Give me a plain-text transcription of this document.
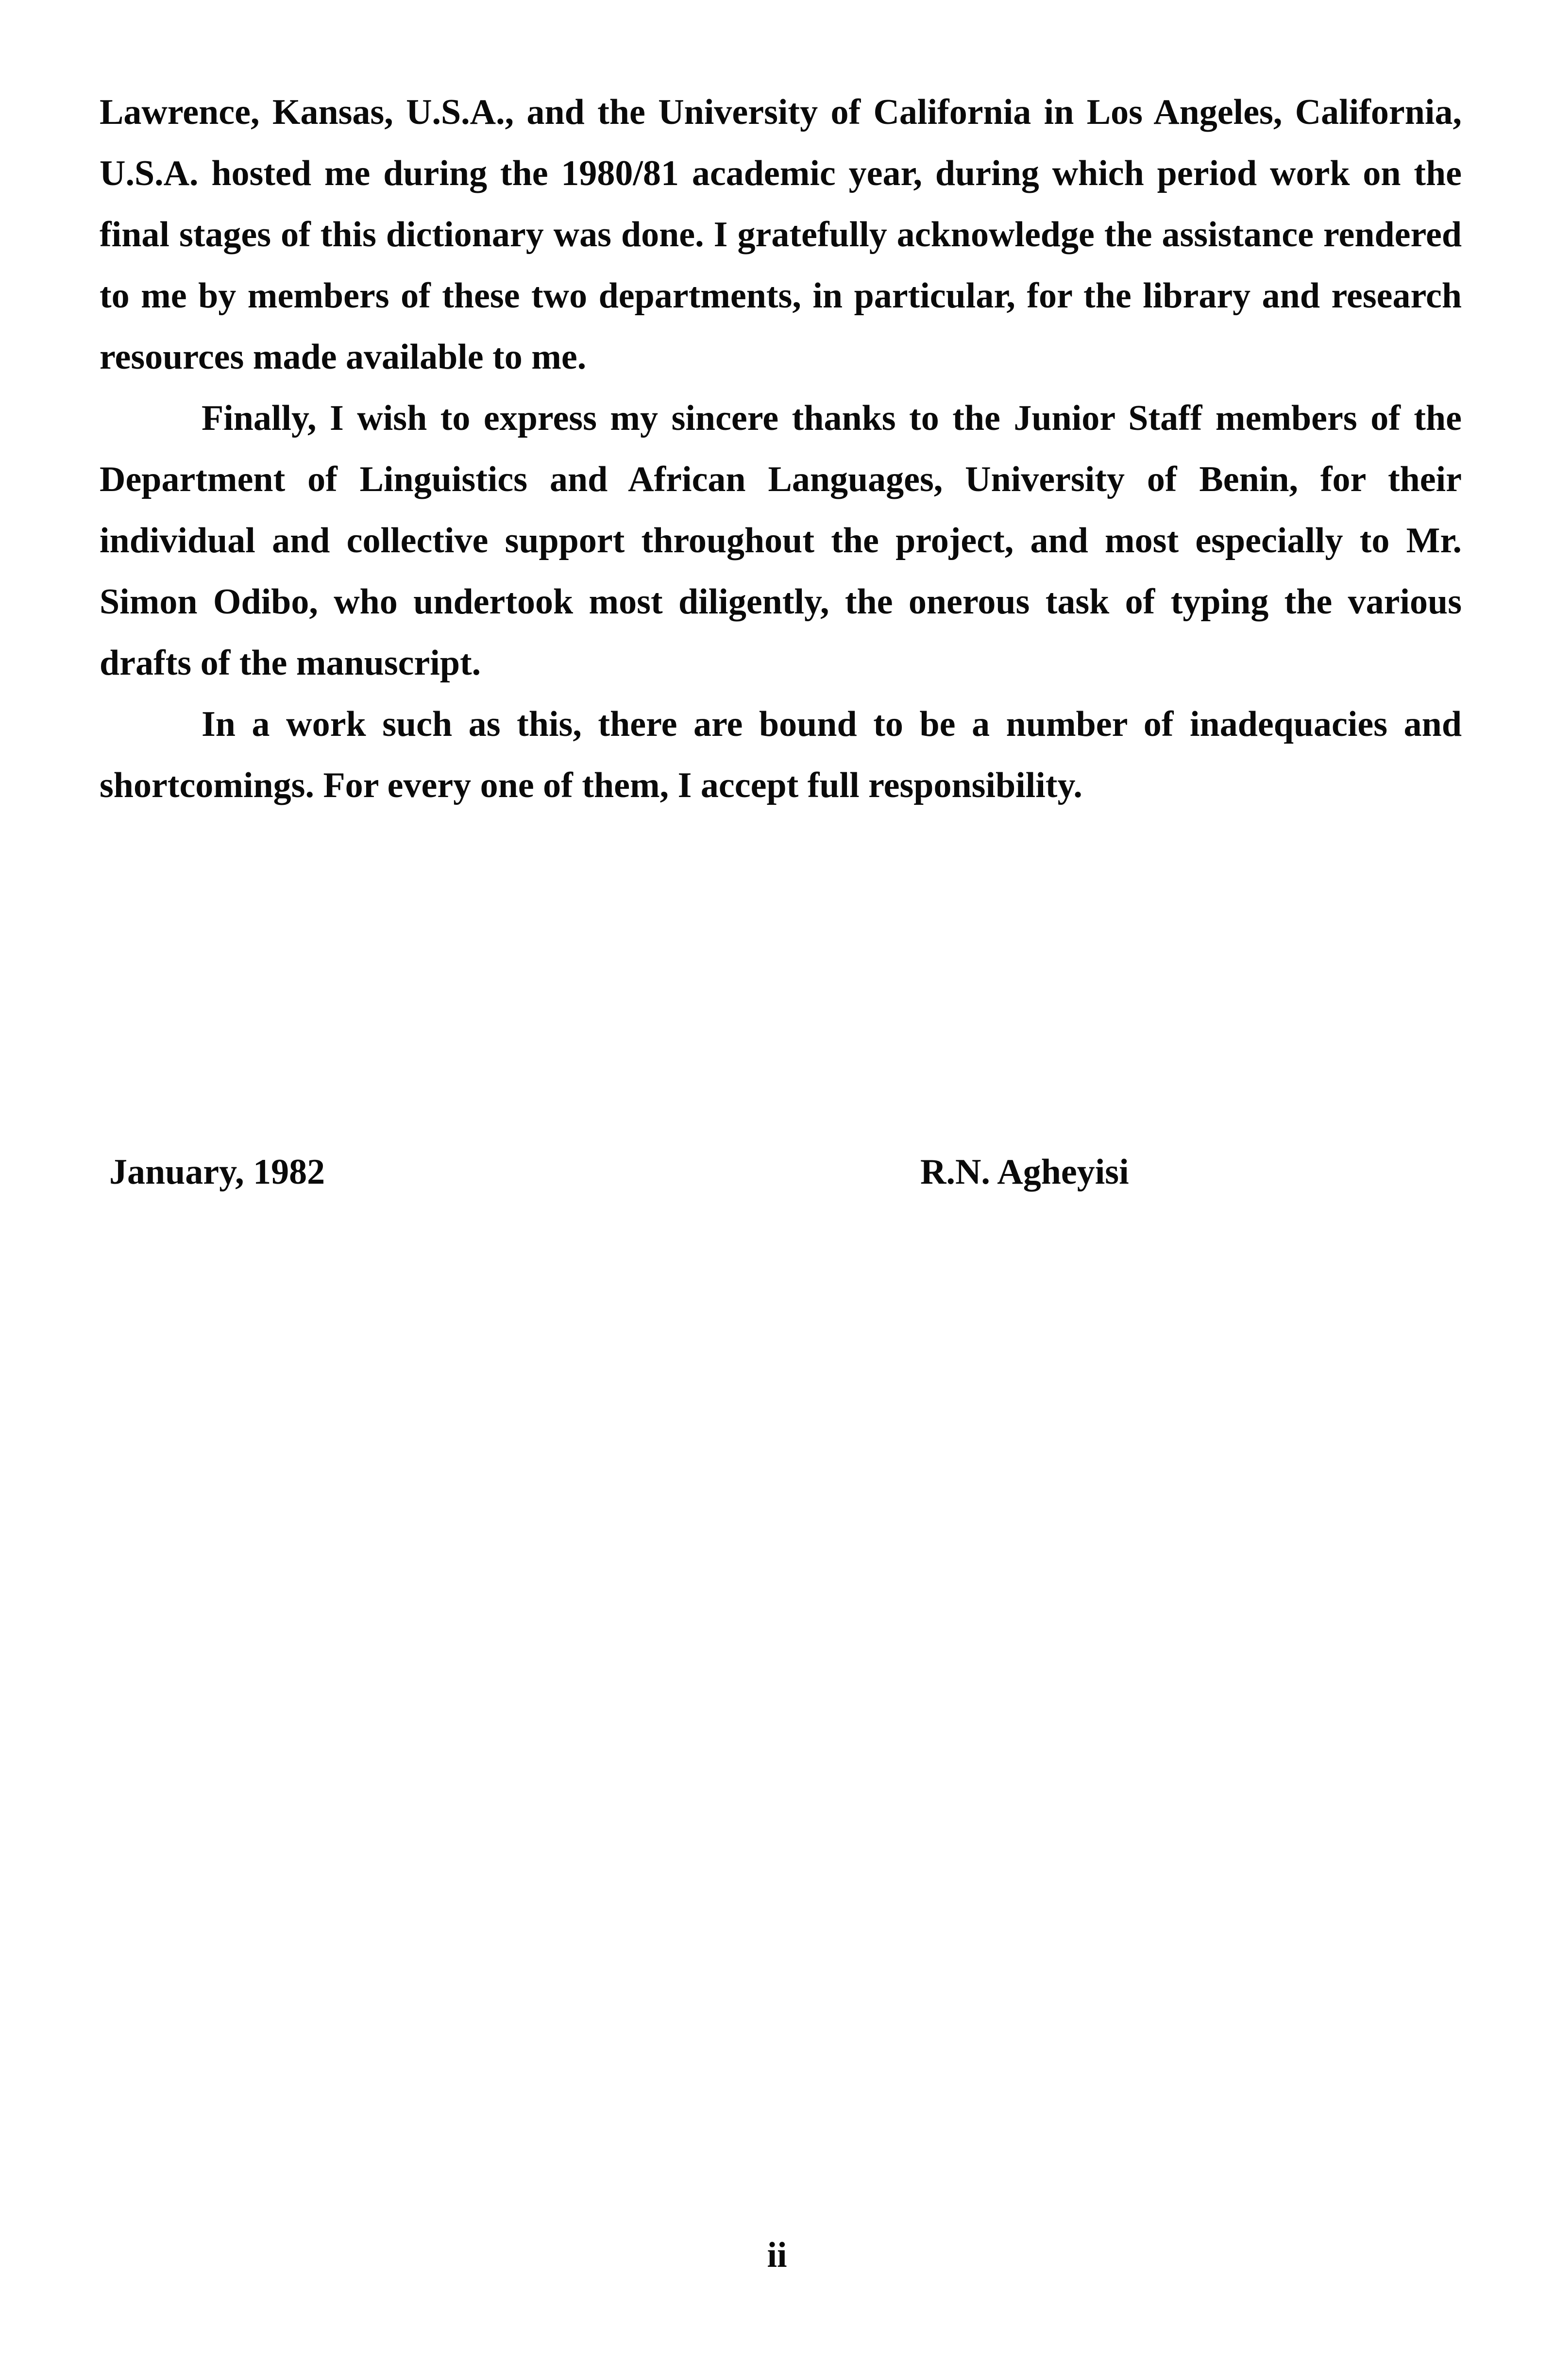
Lawrence, Kansas, U.S.A., and the University of California in Los Angeles, California, U.S.A. hosted me during the 1980/81 academic year, during which period work on the final stages of this dictionary was done. I gratefully acknowledge the assistance rendered to me by members of these two departments, in particular, for the library and research resources made available to me.

Finally, I wish to express my sincere thanks to the Junior Staff members of the Department of Linguistics and African Languages, University of Benin, for their individual and collective support throughout the project, and most especially to Mr. Simon Odibo, who undertook most diligently, the onerous task of typing the various drafts of the manuscript.

In a work such as this, there are bound to be a number of inadequacies and shortcomings. For every one of them, I accept full responsibility.

January, 1982	R.N. Agheyisi
ii
